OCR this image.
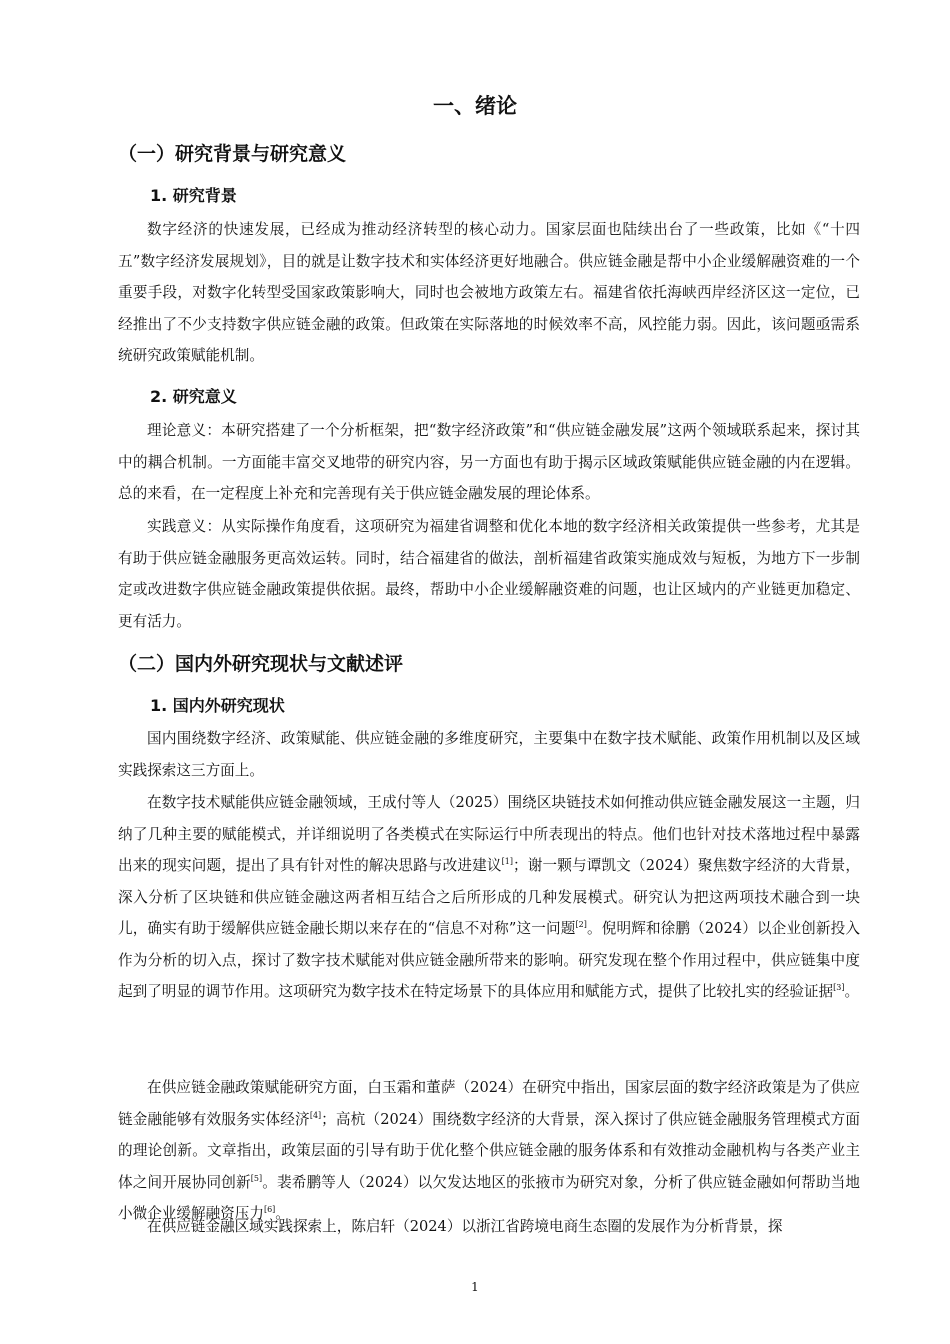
一、绪论
（一）研究背景与研究意义
1. 研究背景

数字经济的快速发展，已经成为推动经济转型的核心动力。国家层面也陆续出台了一些政策，比如《“十四五”数字经济发展规划》，目的就是让数字技术和实体经济更好地融合。供应链金融是帮中小企业缓解融资难的一个重要手段，对数字化转型受国家政策影响大，同时也会被地方政策左右。福建省依托海峡西岸经济区这一定位，已经推出了不少支持数字供应链金融的政策。但政策在实际落地的时候效率不高，风控能力弱。因此，该问题亟需系统研究政策赋能机制。

2. 研究意义

理论意义：本研究搭建了一个分析框架，把“数字经济政策”和“供应链金融发展”这两个领域联系起来，探讨其中的耦合机制。一方面能丰富交叉地带的研究内容，另一方面也有助于揭示区域政策赋能供应链金融的内在逻辑。总的来看，在一定程度上补充和完善现有关于供应链金融发展的理论体系。

实践意义：从实际操作角度看，这项研究为福建省调整和优化本地的数字经济相关政策提供一些参考，尤其是有助于供应链金融服务更高效运转。同时，结合福建省的做法，剖析福建省政策实施成效与短板，为地方下一步制定或改进数字供应链金融政策提供依据。最终，帮助中小企业缓解融资难的问题，也让区域内的产业链更加稳定、更有活力。

（二）国内外研究现状与文献述评
1. 国内外研究现状

国内围绕数字经济、政策赋能、供应链金融的多维度研究，主要集中在数字技术赋能、政策作用机制以及区域实践探索这三方面上。

在数字技术赋能供应链金融领域，王成付等人（2025）围绕区块链技术如何推动供应链金融发展这一主题，归纳了几种主要的赋能模式，并详细说明了各类模式在实际运行中所表现出的特点。他们也针对技术落地过程中暴露出来的现实问题，提出了具有针对性的解决思路与改进建议[1]；谢一颗与谭凯文（2024）聚焦数字经济的大背景，深入分析了区块链和供应链金融这两者相互结合之后所形成的几种发展模式。研究认为把这两项技术融合到一块儿，确实有助于缓解供应链金融长期以来存在的“信息不对称”这一问题[2]。倪明辉和徐鹏（2024）以企业创新投入作为分析的切入点，探讨了数字技术赋能对供应链金融所带来的影响。研究发现在整个作用过程中，供应链集中度起到了明显的调节作用。这项研究为数字技术在特定场景下的具体应用和赋能方式，提供了比较扎实的经验证据[3]。

在供应链金融政策赋能研究方面，白玉霜和董萨（2024）在研究中指出，国家层面的数字经济政策是为了供应链金融能够有效服务实体经济[4]；高杭（2024）围绕数字经济的大背景，深入探讨了供应链金融服务管理模式方面的理论创新。文章指出，政策层面的引导有助于优化整个供应链金融的服务体系和有效推动金融机构与各类产业主体之间开展协同创新[5]。裴希鹏等人（2024）以欠发达地区的张掖市为研究对象，分析了供应链金融如何帮助当地小微企业缓解融资压力[6]。

在供应链金融区域实践探索上，陈启轩（2024）以浙江省跨境电商生态圈的发展作为分析背景，探

1
